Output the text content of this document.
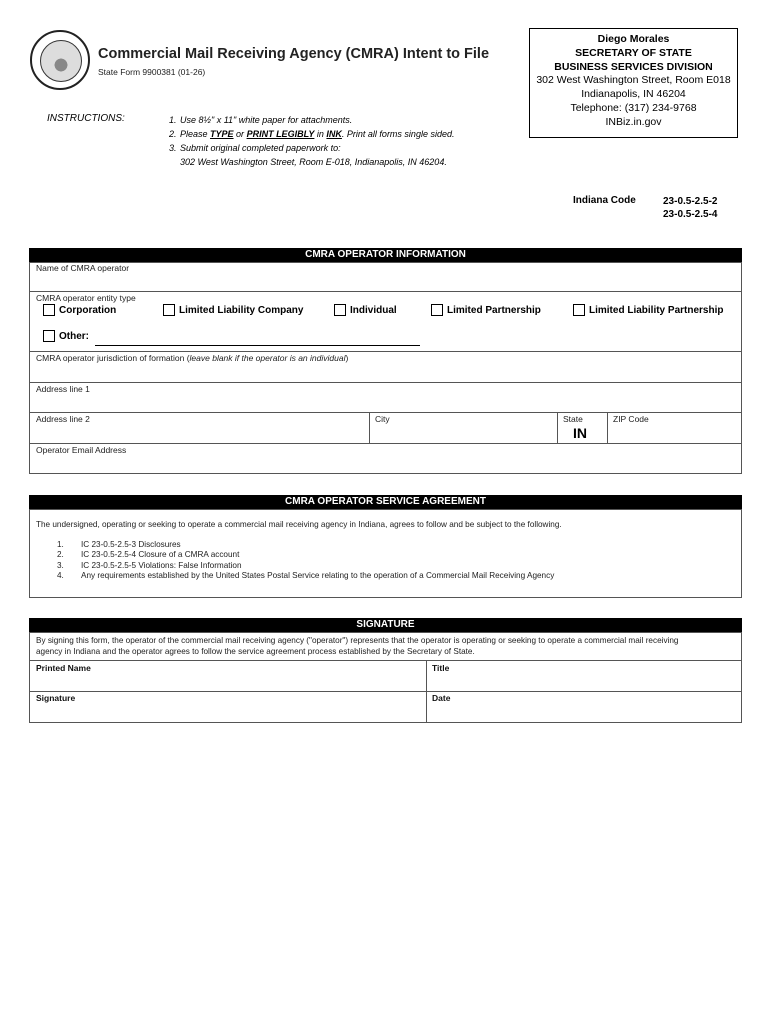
Commercial Mail Receiving Agency (CMRA) Intent to File
State Form 9900381 (01-26)
Diego Morales
SECRETARY OF STATE
BUSINESS SERVICES DIVISION
302 West Washington Street, Room E018
Indianapolis, IN 46204
Telephone: (317) 234-9768
INBiz.in.gov
INSTRUCTIONS:
1.	Use 8½" x 11" white paper for attachments.
2. Please TYPE or PRINT LEGIBLY in INK. Print all forms single sided.
3. Submit original completed paperwork to:
302 West Washington Street, Room E-018, Indianapolis, IN 46204.
Indiana Code	23-0.5-2.5-2
23-0.5-2.5-4
CMRA OPERATOR INFORMATION
Name of CMRA operator
CMRA operator entity type
Corporation	Limited Liability Company	Individual	Limited Partnership	Limited Liability Partnership
Other:
CMRA operator jurisdiction of formation (leave blank if the operator is an individual)
Address line 1
Address line 2	City	State
IN
ZIP Code
Operator Email Address
CMRA OPERATOR SERVICE AGREEMENT
The undersigned, operating or seeking to operate a commercial mail receiving agency in Indiana, agrees to follow and be subject to the following.
1.	IC 23-0.5-2.5-3 Disclosures
2.	IC 23-0.5-2.5-4 Closure of a CMRA account
3.	IC 23-0.5-2.5-5 Violations: False Information
4.	Any requirements established by the United States Postal Service relating to the operation of a Commercial Mail Receiving Agency
SIGNATURE
By signing this form, the operator of the commercial mail receiving agency ("operator") represents that the operator is operating or seeking to operate a commercial mail receiving
agency in Indiana and the operator agrees to follow the service agreement process established by the Secretary of State.
Printed Name	Title
Signature	Date
